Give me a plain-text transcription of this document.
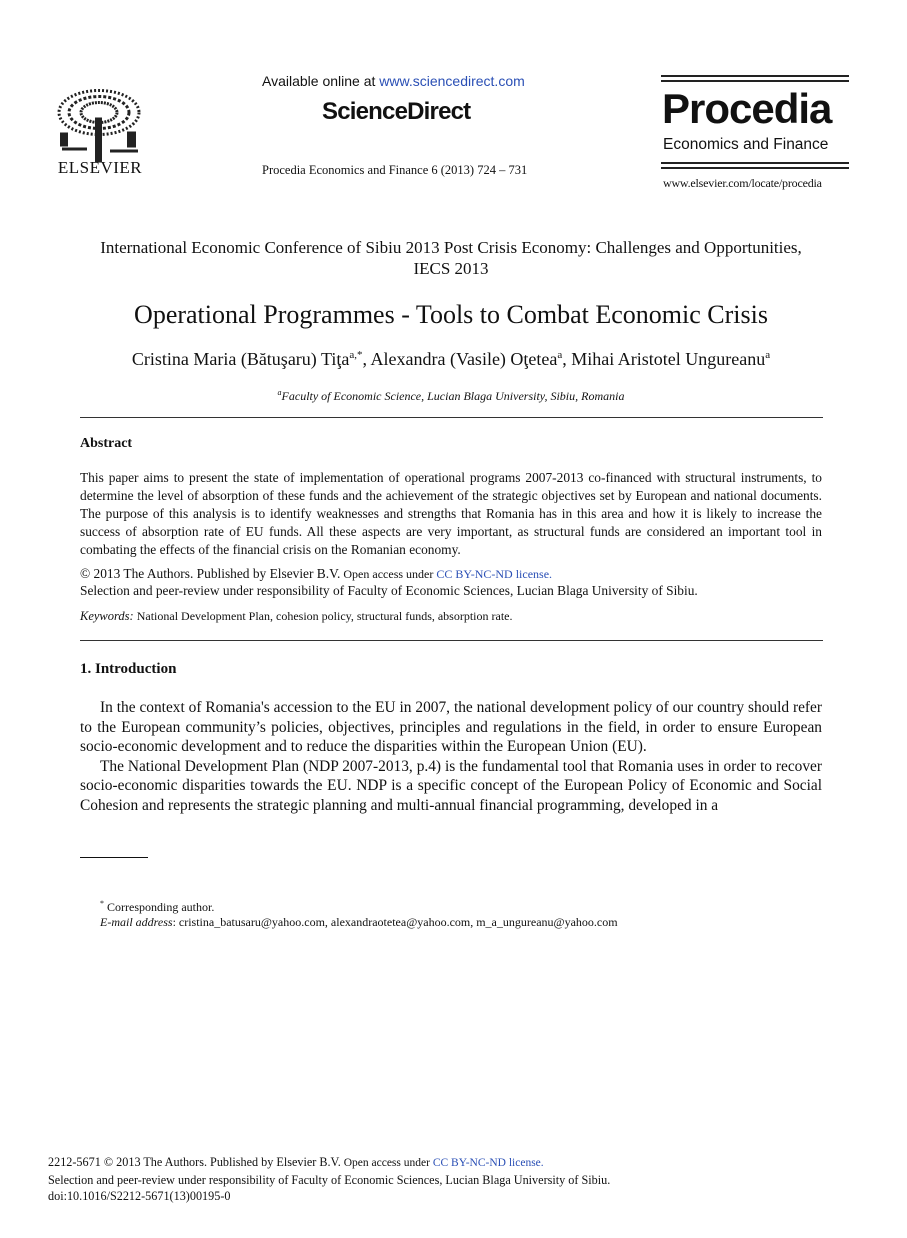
ELSEVIER
Available online at www.sciencedirect.com
ScienceDirect
Procedia Economics and Finance 6 (2013) 724 – 731
Procedia
Economics and Finance
www.elsevier.com/locate/procedia
International Economic Conference of Sibiu 2013 Post Crisis Economy: Challenges and Opportunities, IECS 2013
Operational Programmes - Tools to Combat Economic Crisis
Cristina Maria (Bătuşaru) Tiţa$^{a,*}$, Alexandra (Vasile) Oţetea$^a$, Mihai Aristotel Ungureanu$^a$
$^a$Faculty of Economic Science, Lucian Blaga University, Sibiu, Romania
Abstract
This paper aims to present the state of implementation of operational programs 2007-2013 co-financed with structural instruments, to determine the level of absorption of these funds and the achievement of the strategic objectives set by European and national documents. The purpose of this analysis is to identify weaknesses and strengths that Romania has in this area and how it is likely to increase the success of absorption rate of EU funds. All these aspects are very important, as structural funds are considered an important tool in combating the effects of the financial crisis on the Romanian economy.
© 2013 The Authors. Published by Elsevier B.V. Open access under CC BY-NC-ND license.
Selection and peer-review under responsibility of Faculty of Economic Sciences, Lucian Blaga University of Sibiu.
Keywords: National Development Plan, cohesion policy, structural funds, absorption rate.
1. Introduction

In the context of Romania's accession to the EU in 2007, the national development policy of our country should refer to the European community’s policies, objectives, principles and regulations in the field, in order to ensure European socio-economic development and to reduce the disparities within the European Union (EU).

The National Development Plan (NDP 2007-2013, p.4) is the fundamental tool that Romania uses in order to recover socio-economic disparities towards the EU. NDP is a specific concept of the European Policy of Economic and Social Cohesion and represents the strategic planning and multi-annual financial programming, developed in a

* Corresponding author.
E-mail address: cristina_batusaru@yahoo.com, alexandraotetea@yahoo.com, m_a_ungureanu@yahoo.com
2212-5671 © 2013 The Authors. Published by Elsevier B.V. Open access under CC BY-NC-ND license.
Selection and peer-review under responsibility of Faculty of Economic Sciences, Lucian Blaga University of Sibiu.
doi:10.1016/S2212-5671(13)00195-0
